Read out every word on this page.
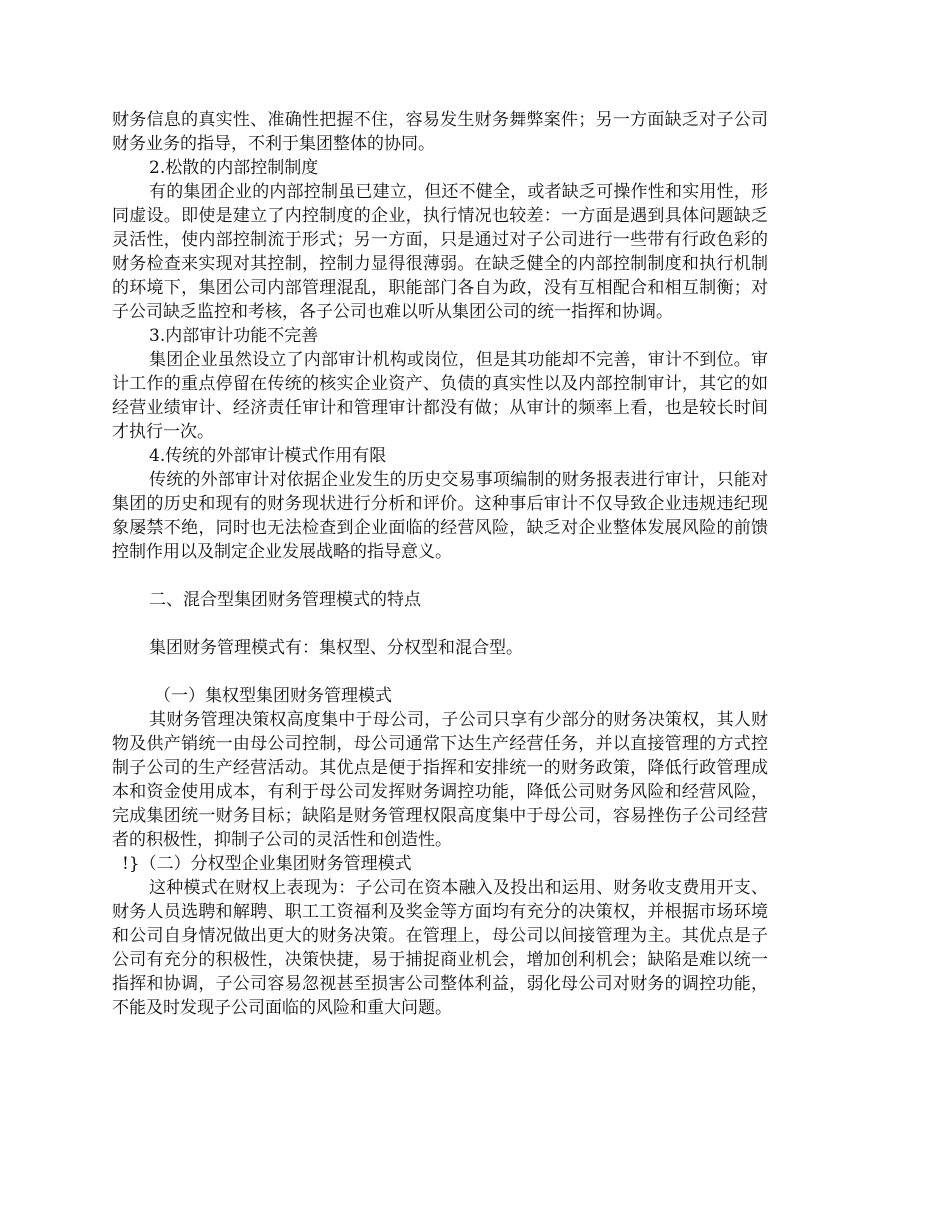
财务信息的真实性、准确性把握不住，容易发生财务舞弊案件；另一方面缺乏对子公司财务业务的指导，不利于集团整体的协同。

2.松散的内部控制制度

有的集团企业的内部控制虽已建立，但还不健全，或者缺乏可操作性和实用性，形同虚设。即使是建立了内控制度的企业，执行情况也较差：一方面是遇到具体问题缺乏灵活性，使内部控制流于形式；另一方面，只是通过对子公司进行一些带有行政色彩的财务检查来实现对其控制，控制力显得很薄弱。在缺乏健全的内部控制制度和执行机制的环境下，集团公司内部管理混乱，职能部门各自为政，没有互相配合和相互制衡；对子公司缺乏监控和考核，各子公司也难以听从集团公司的统一指挥和协调。

3.内部审计功能不完善

集团企业虽然设立了内部审计机构或岗位，但是其功能却不完善，审计不到位。审计工作的重点停留在传统的核实企业资产、负债的真实性以及内部控制审计，其它的如经营业绩审计、经济责任审计和管理审计都没有做；从审计的频率上看，也是较长时间才执行一次。

4.传统的外部审计模式作用有限

传统的外部审计对依据企业发生的历史交易事项编制的财务报表进行审计，只能对集团的历史和现有的财务现状进行分析和评价。这种事后审计不仅导致企业违规违纪现象屡禁不绝，同时也无法检查到企业面临的经营风险，缺乏对企业整体发展风险的前馈控制作用以及制定企业发展战略的指导意义。

二、混合型集团财务管理模式的特点

集团财务管理模式有：集权型、分权型和混合型。

（一）集权型集团财务管理模式

其财务管理决策权高度集中于母公司，子公司只享有少部分的财务决策权，其人财物及供产销统一由母公司控制，母公司通常下达生产经营任务，并以直接管理的方式控制子公司的生产经营活动。其优点是便于指挥和安排统一的财务政策，降低行政管理成本和资金使用成本，有利于母公司发挥财务调控功能，降低公司财务风险和经营风险，完成集团统一财务目标；缺陷是财务管理权限高度集中于母公司，容易挫伤子公司经营者的积极性，抑制子公司的灵活性和创造性。

!}（二）分权型企业集团财务管理模式

这种模式在财权上表现为：子公司在资本融入及投出和运用、财务收支费用开支、财务人员选聘和解聘、职工工资福利及奖金等方面均有充分的决策权，并根据市场环境和公司自身情况做出更大的财务决策。在管理上，母公司以间接管理为主。其优点是子公司有充分的积极性，决策快捷，易于捕捉商业机会，增加创利机会；缺陷是难以统一指挥和协调，子公司容易忽视甚至损害公司整体利益，弱化母公司对财务的调控功能，不能及时发现子公司面临的风险和重大问题。
